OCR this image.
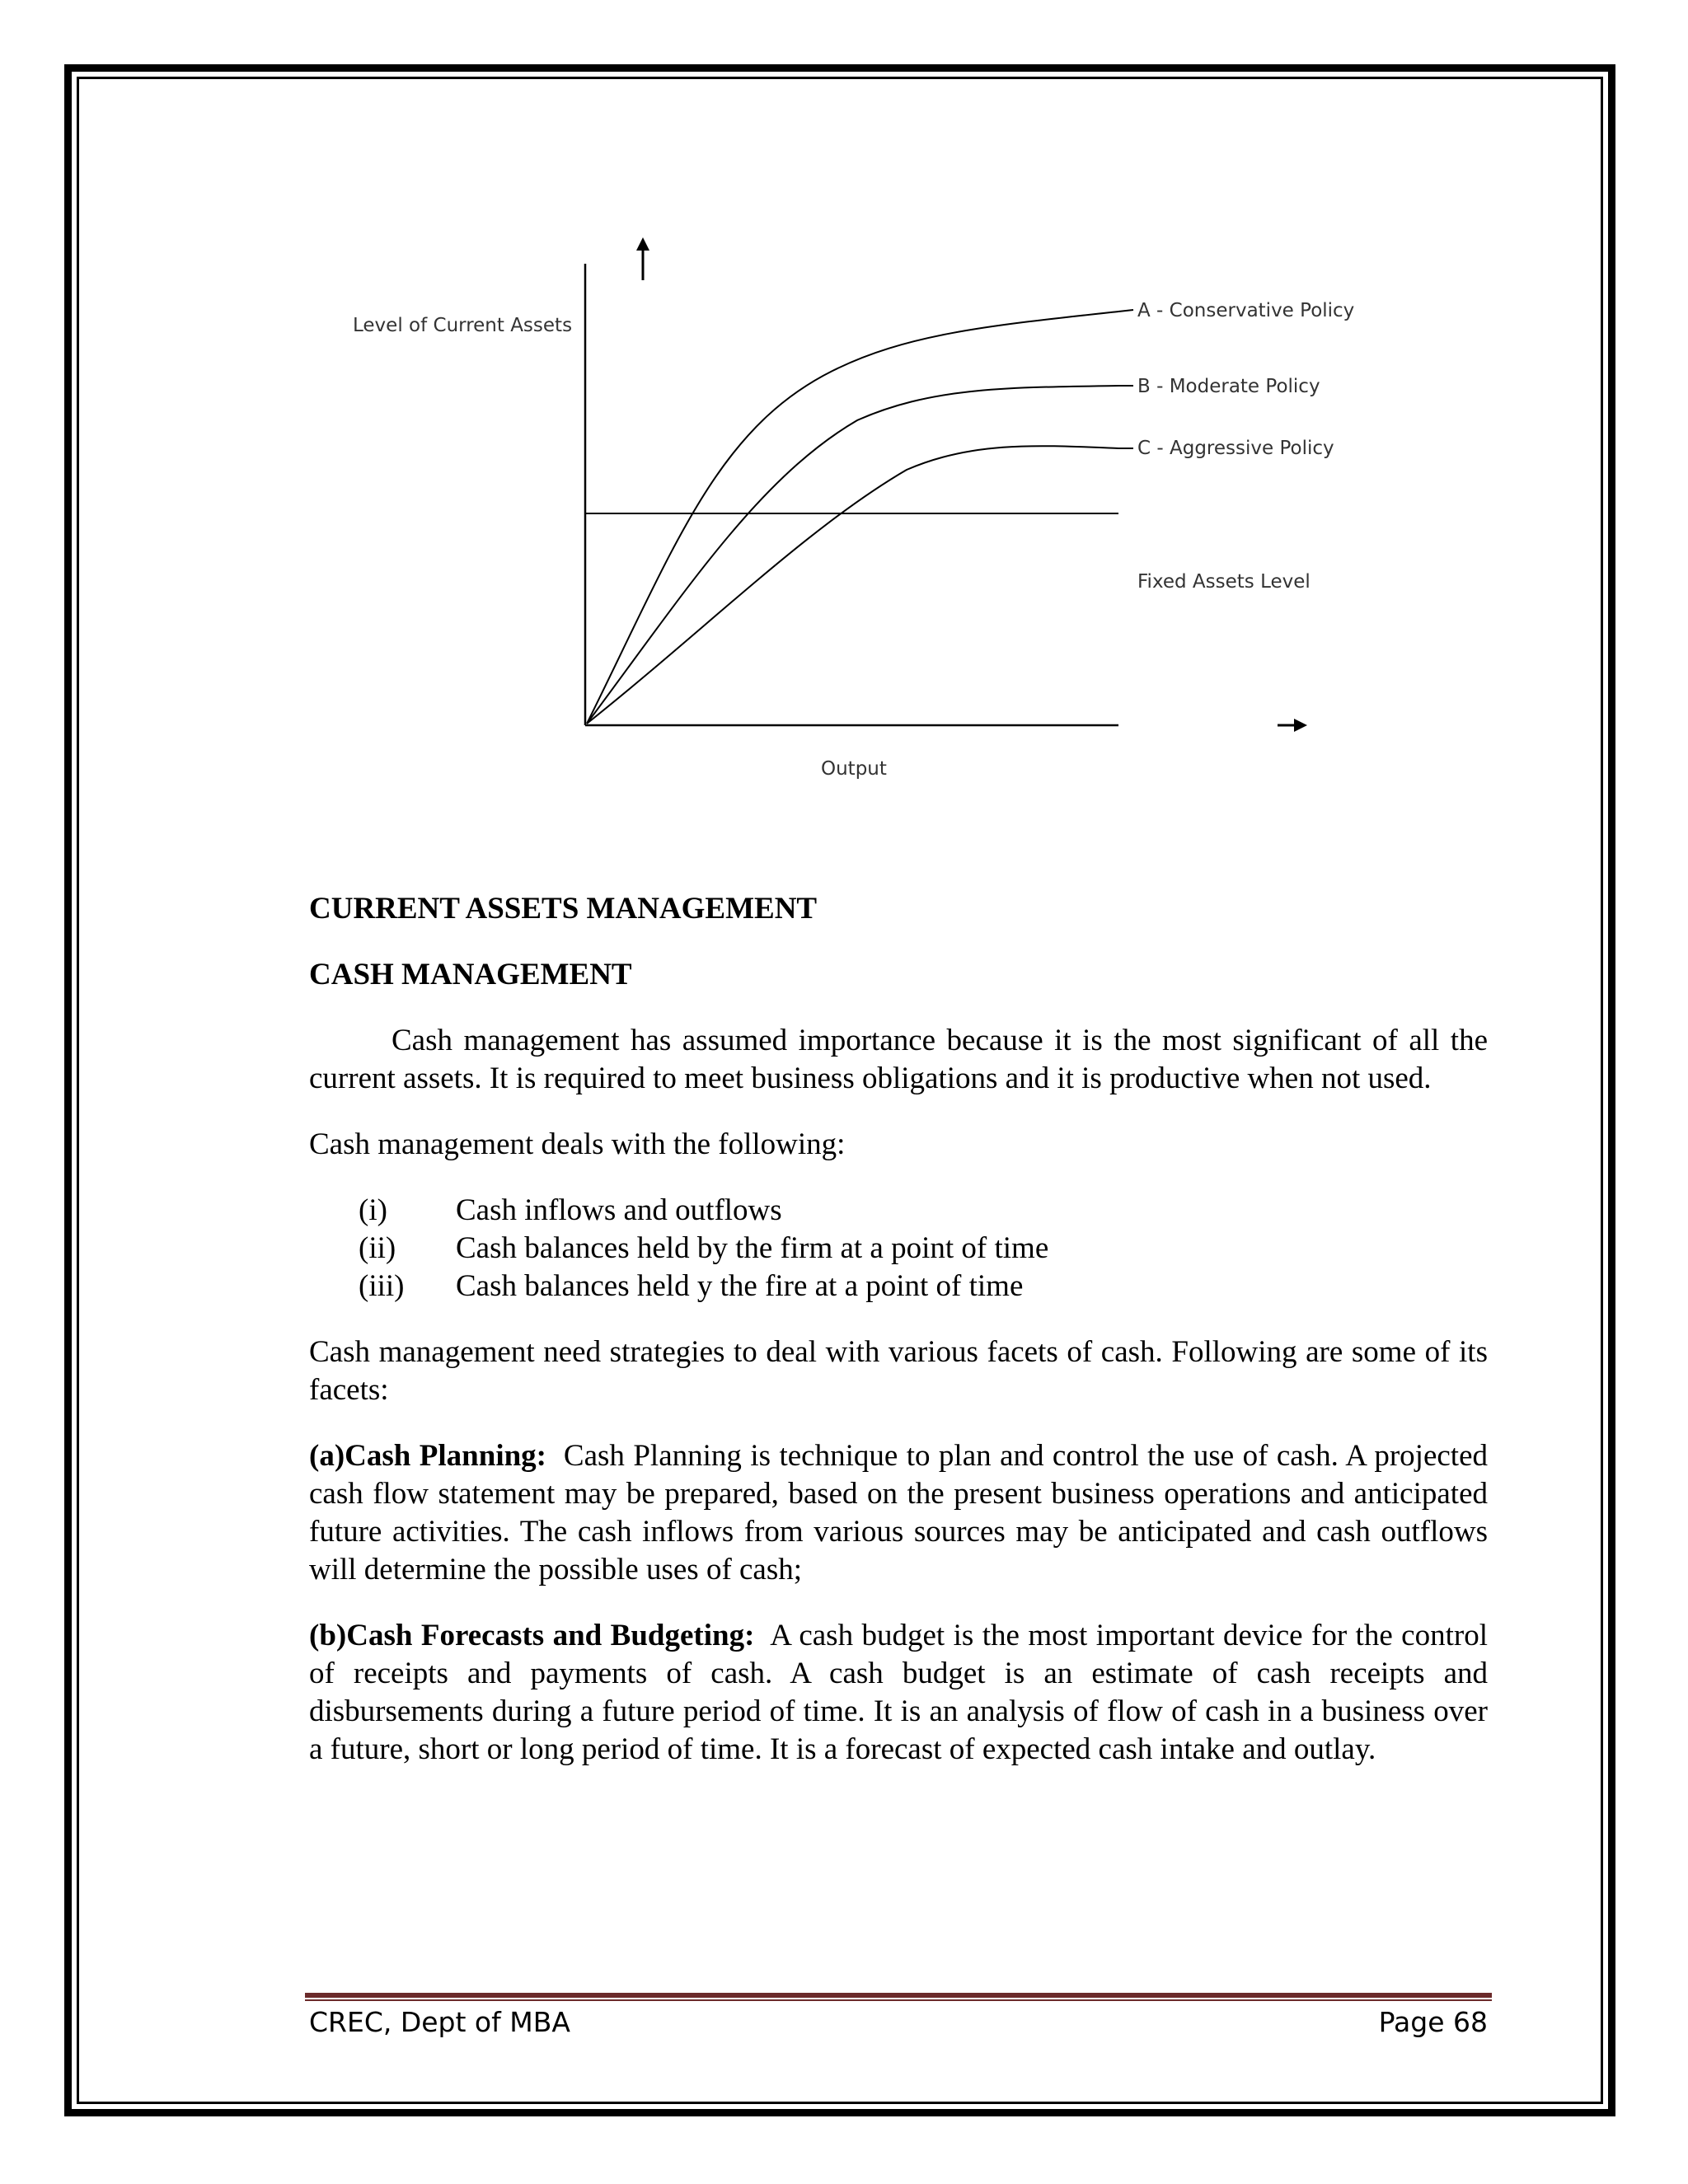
Level of Current Assets
Output
A - Conservative Policy
B - Moderate Policy
C - Aggressive Policy
Fixed Assets Level
CURRENT ASSETS MANAGEMENT
CASH MANAGEMENT

Cash management has assumed importance because it is the most significant of all the current assets. It is required to meet business obligations and it is productive when not used.

Cash management deals with the following:

(i)	Cash inflows and outflows
(ii)	Cash balances held by the firm at a point of time
(iii)	Cash balances held y the fire at a point of time

Cash management need strategies to deal with various facets of cash. Following are some of its facets:

(a)Cash Planning: Cash Planning is technique to plan and control the use of cash. A projected cash flow statement may be prepared, based on the present business operations and anticipated future activities. The cash inflows from various sources may be anticipated and cash outflows will determine the possible uses of cash;

(b)Cash Forecasts and Budgeting: A cash budget is the most important device for the control of receipts and payments of cash. A cash budget is an estimate of cash receipts and disbursements during a future period of time. It is an analysis of flow of cash in a business over a future, short or long period of time. It is a forecast of expected cash intake and outlay.

CREC, Dept of MBA	Page 68
